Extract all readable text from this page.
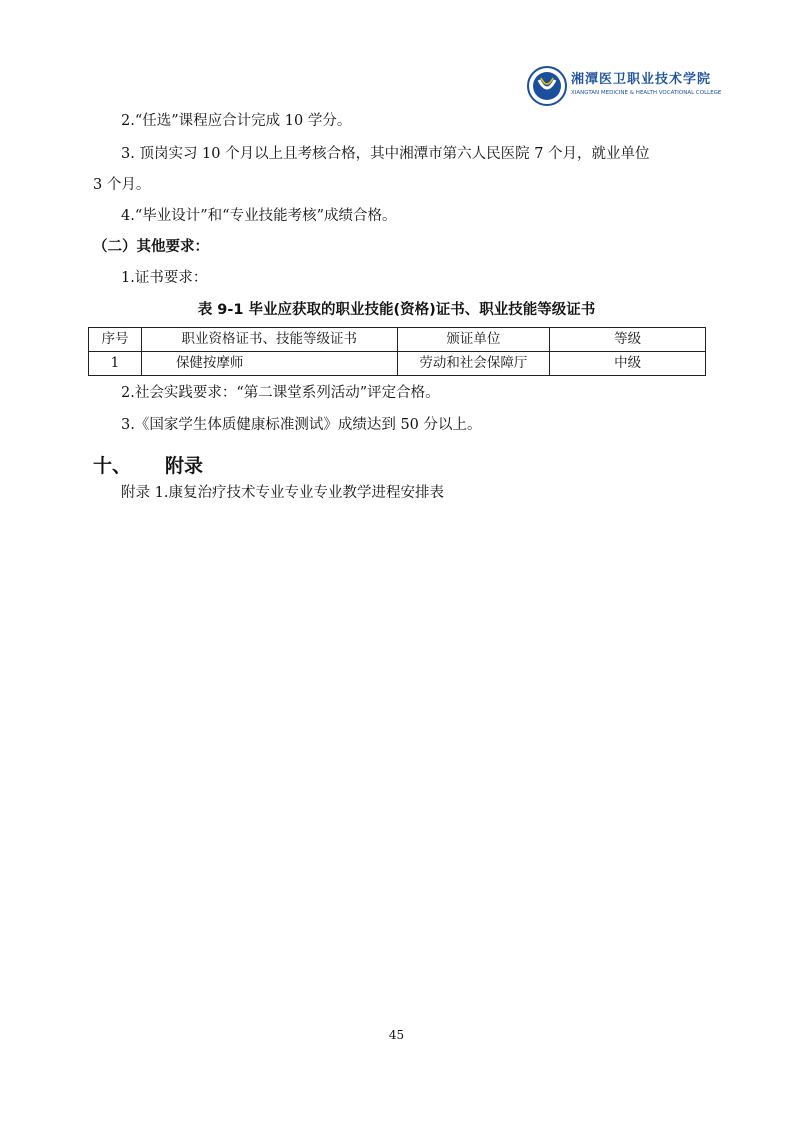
湘潭医卫职业技术学院
XIANGTAN MEDICINE & HEALTH VOCATIONAL COLLEGE
2.“任选”课程应合计完成 10 学分。
3. 顶岗实习 10 个月以上且考核合格，其中湘潭市第六人民医院 7 个月，就业单位
3 个月。
4.“毕业设计”和“专业技能考核”成绩合格。
（二）其他要求：
1.证书要求：
表 9-1 毕业应获取的职业技能(资格)证书、职业技能等级证书
序号	职业资格证书、技能等级证书	颁证单位	等级
1	保健按摩师	劳动和社会保障厅	中级
2.社会实践要求：“第二课堂系列活动”评定合格。
3.《国家学生体质健康标准测试》成绩达到 50 分以上。
十、 附录
附录 1.康复治疗技术专业专业专业教学进程安排表
45
